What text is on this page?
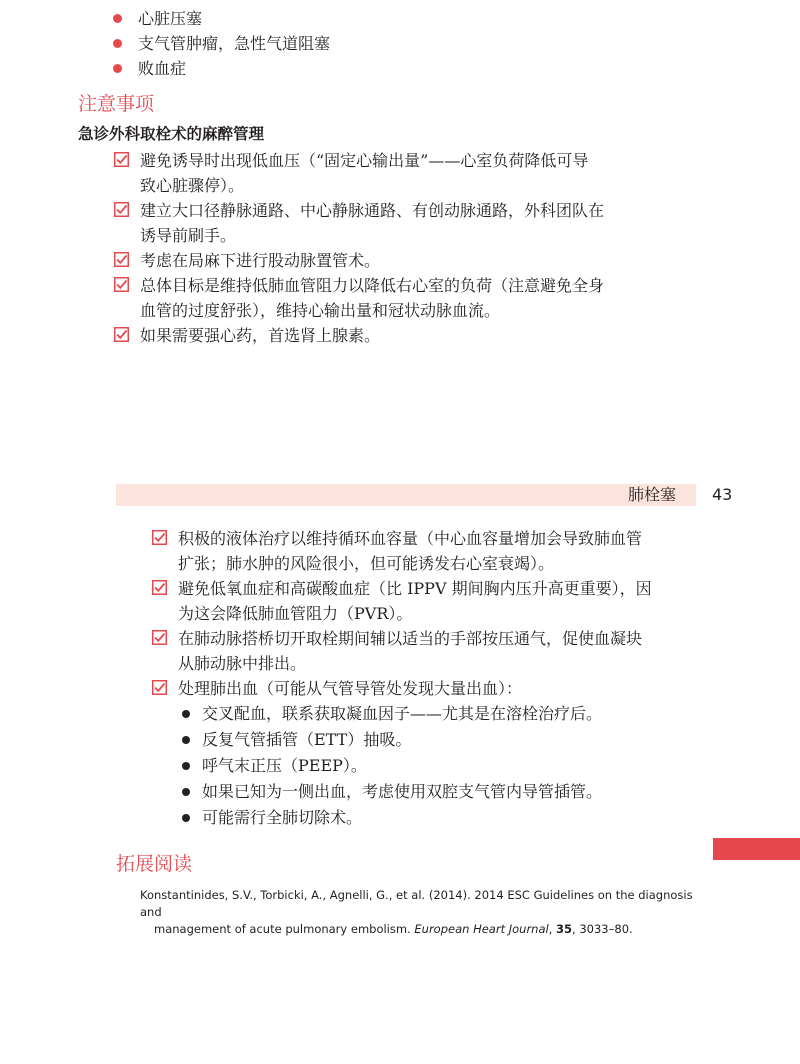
心脏压塞
支气管肿瘤，急性气道阻塞
败血症
注意事项
急诊外科取栓术的麻醉管理
避免诱导时出现低血压（“固定心输出量”——心室负荷降低可导
致心脏骤停）。
建立大口径静脉通路、中心静脉通路、有创动脉通路，外科团队在
诱导前刷手。
考虑在局麻下进行股动脉置管术。
总体目标是维持低肺血管阻力以降低右心室的负荷（注意避免全身
血管的过度舒张），维持心输出量和冠状动脉血流。
如果需要强心药，首选肾上腺素。
肺栓塞 43
积极的液体治疗以维持循环血容量（中心血容量增加会导致肺血管
扩张；肺水肿的风险很小，但可能诱发右心室衰竭）。
避免低氧血症和高碳酸血症（比 IPPV 期间胸内压升高更重要），因
为这会降低肺血管阻力（PVR）。
在肺动脉搭桥切开取栓期间辅以适当的手部按压通气，促使血凝块
从肺动脉中排出。
处理肺出血（可能从气管导管处发现大量出血）：
交叉配血，联系获取凝血因子——尤其是在溶栓治疗后。
反复气管插管（ETT）抽吸。
呼气末正压（PEEP）。
如果已知为一侧出血，考虑使用双腔支气管内导管插管。
可能需行全肺切除术。
拓展阅读
Konstantinides, S.V., Torbicki, A., Agnelli, G., et al. (2014). 2014 ESC Guidelines on the diagnosis and
management of acute pulmonary embolism. European Heart Journal, 35, 3033–80.
